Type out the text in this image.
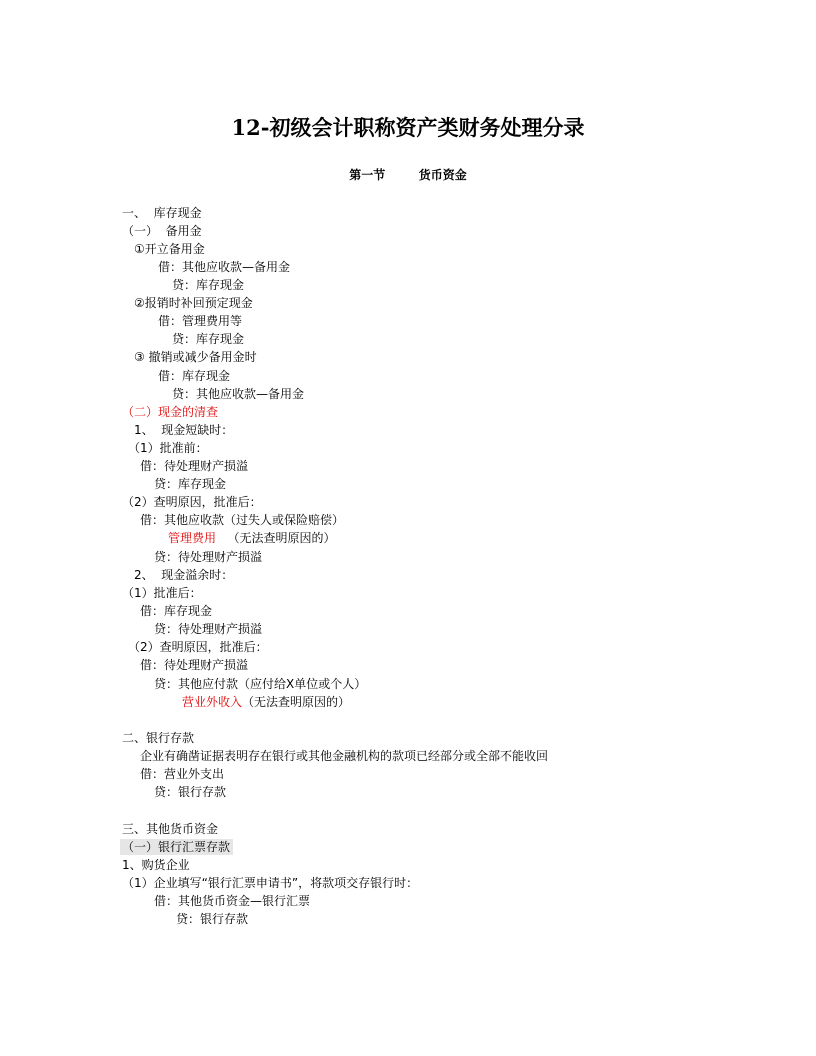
12-初级会计职称资产类财务处理分录
第一节        货币资金
一、  库存现金
（一）  备用金
①开立备用金
借：其他应收款—备用金
贷：库存现金
②报销时补回预定现金
借：管理费用等
贷：库存现金
③ 撤销或减少备用金时
借：库存现金
贷：其他应收款—备用金
（二）现金的清查
1、  现金短缺时：
（1）批准前：
借：待处理财产损溢
贷：库存现金
（2）查明原因，批准后：
借：其他应收款（过失人或保险赔偿）
管理费用   （无法查明原因的）
贷：待处理财产损溢
2、  现金溢余时：
（1）批准后：
借：库存现金
贷：待处理财产损溢
（2）查明原因，批准后：
借：待处理财产损溢
贷：其他应付款（应付给X单位或个人）
营业外收入（无法查明原因的）
二、银行存款
企业有确凿证据表明存在银行或其他金融机构的款项已经部分或全部不能收回
借：营业外支出
贷：银行存款
三、其他货币资金
（一）银行汇票存款
1、购货企业
（1）企业填写“银行汇票申请书”，将款项交存银行时：
借：其他货币资金—银行汇票
贷：银行存款
